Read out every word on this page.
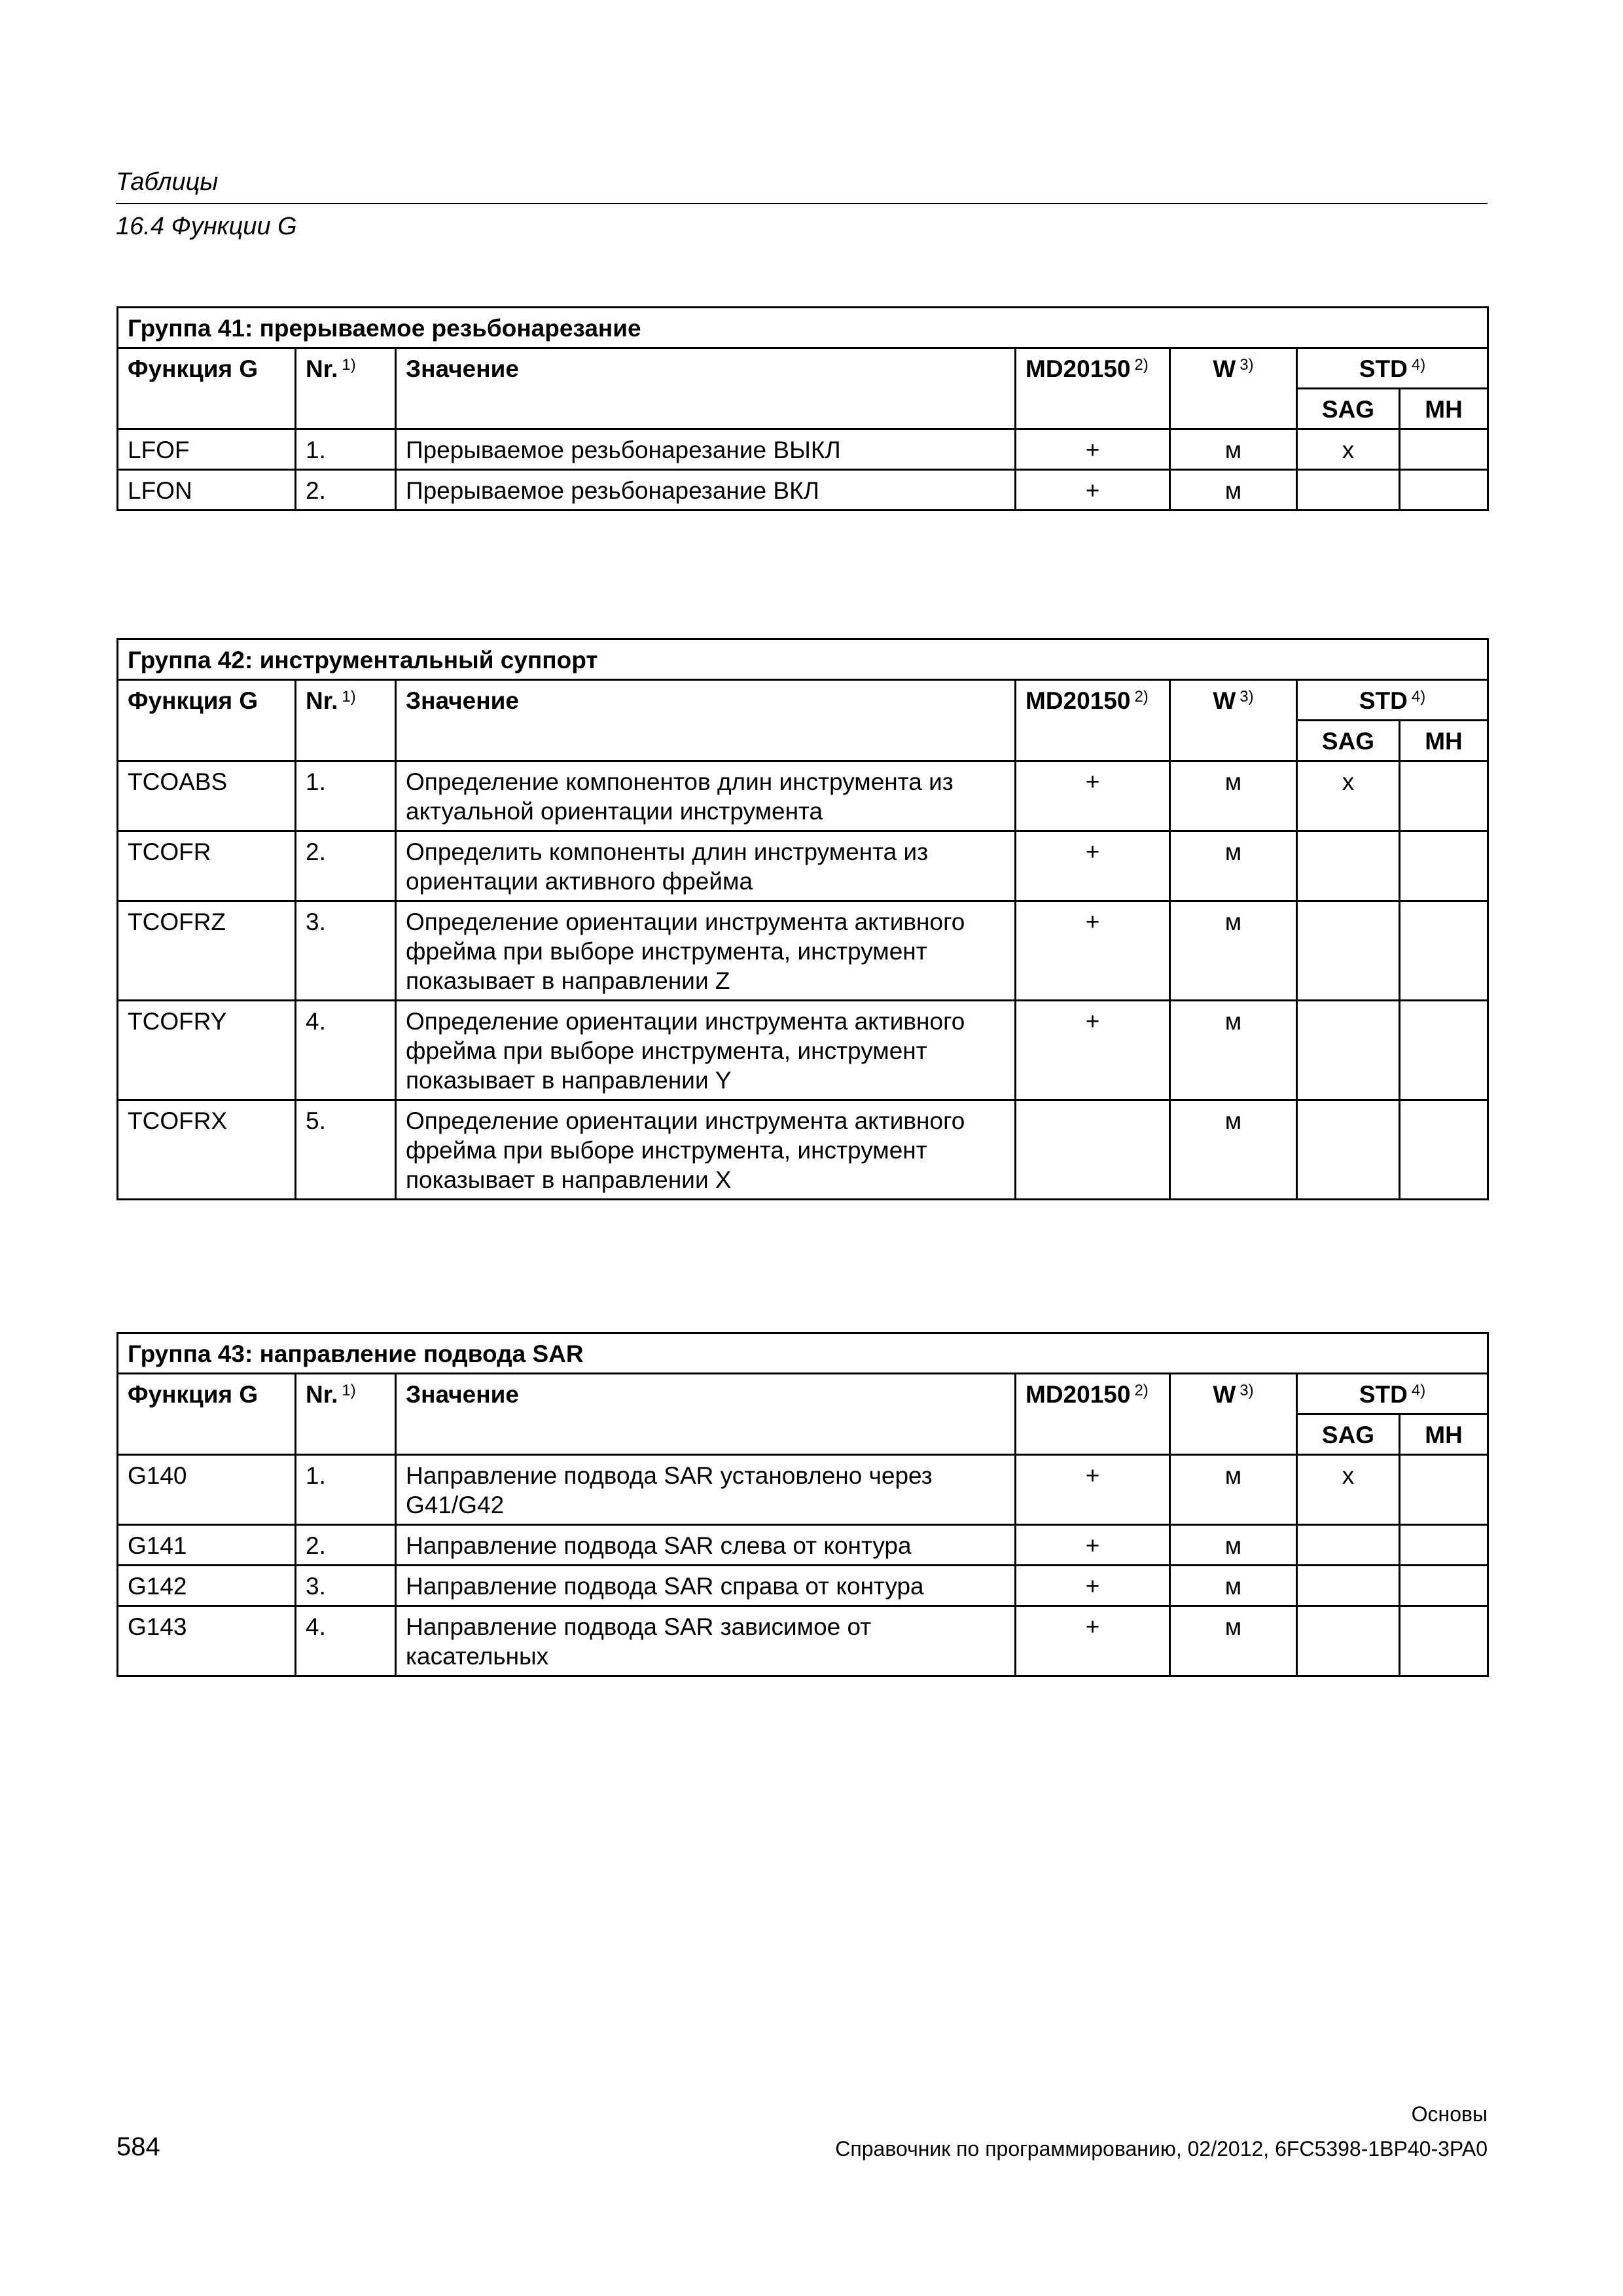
Таблицы
16.4 Функции G
Группа 41: прерываемое резьбонарезание						
Функция G	Nr. $^{1)}$	Значение	MD20150 $^{2)}$	W $^{3)}$	STD $^{4)}$
					SAG	MH
LFOF	1.	Прерываемое резьбонарезание ВЫКЛ	+	м	x	
LFON	2.	Прерываемое резьбонарезание ВКЛ	+	м		
Группа 42: инструментальный суппорт						
Функция G	Nr. $^{1)}$	Значение	MD20150 $^{2)}$	W $^{3)}$	STD $^{4)}$
					SAG	MH
TCOABS	1.	Определение компонентов длин инструмента из актуальной ориентации инструмента	+	м	x	
TCOFR	2.	Определить компоненты длин инструмента из ориентации активного фрейма	+	м		
TCOFRZ	3.	Определение ориентации инструмента активного фрейма при выборе инструмента, инструмент показывает в направлении Z	+	м		
TCOFRY	4.	Определение ориентации инструмента активного фрейма при выборе инструмента, инструмент показывает в направлении Y	+	м		
TCOFRX	5.	Определение ориентации инструмента активного фрейма при выборе инструмента, инструмент показывает в направлении X		м		
Группа 43: направление подвода SAR						
Функция G	Nr. $^{1)}$	Значение	MD20150 $^{2)}$	W $^{3)}$	STD $^{4)}$
					SAG	MH
G140	1.	Направление подвода SAR установлено через G41/G42	+	м	x	
G141	2.	Направление подвода SAR слева от контура	+	м		
G142	3.	Направление подвода SAR справа от контура	+	м		
G143	4.	Направление подвода SAR зависимое от касательных	+	м		
Основы
584	Справочник по программированию, 02/2012, 6FC5398-1BP40-3PA0
